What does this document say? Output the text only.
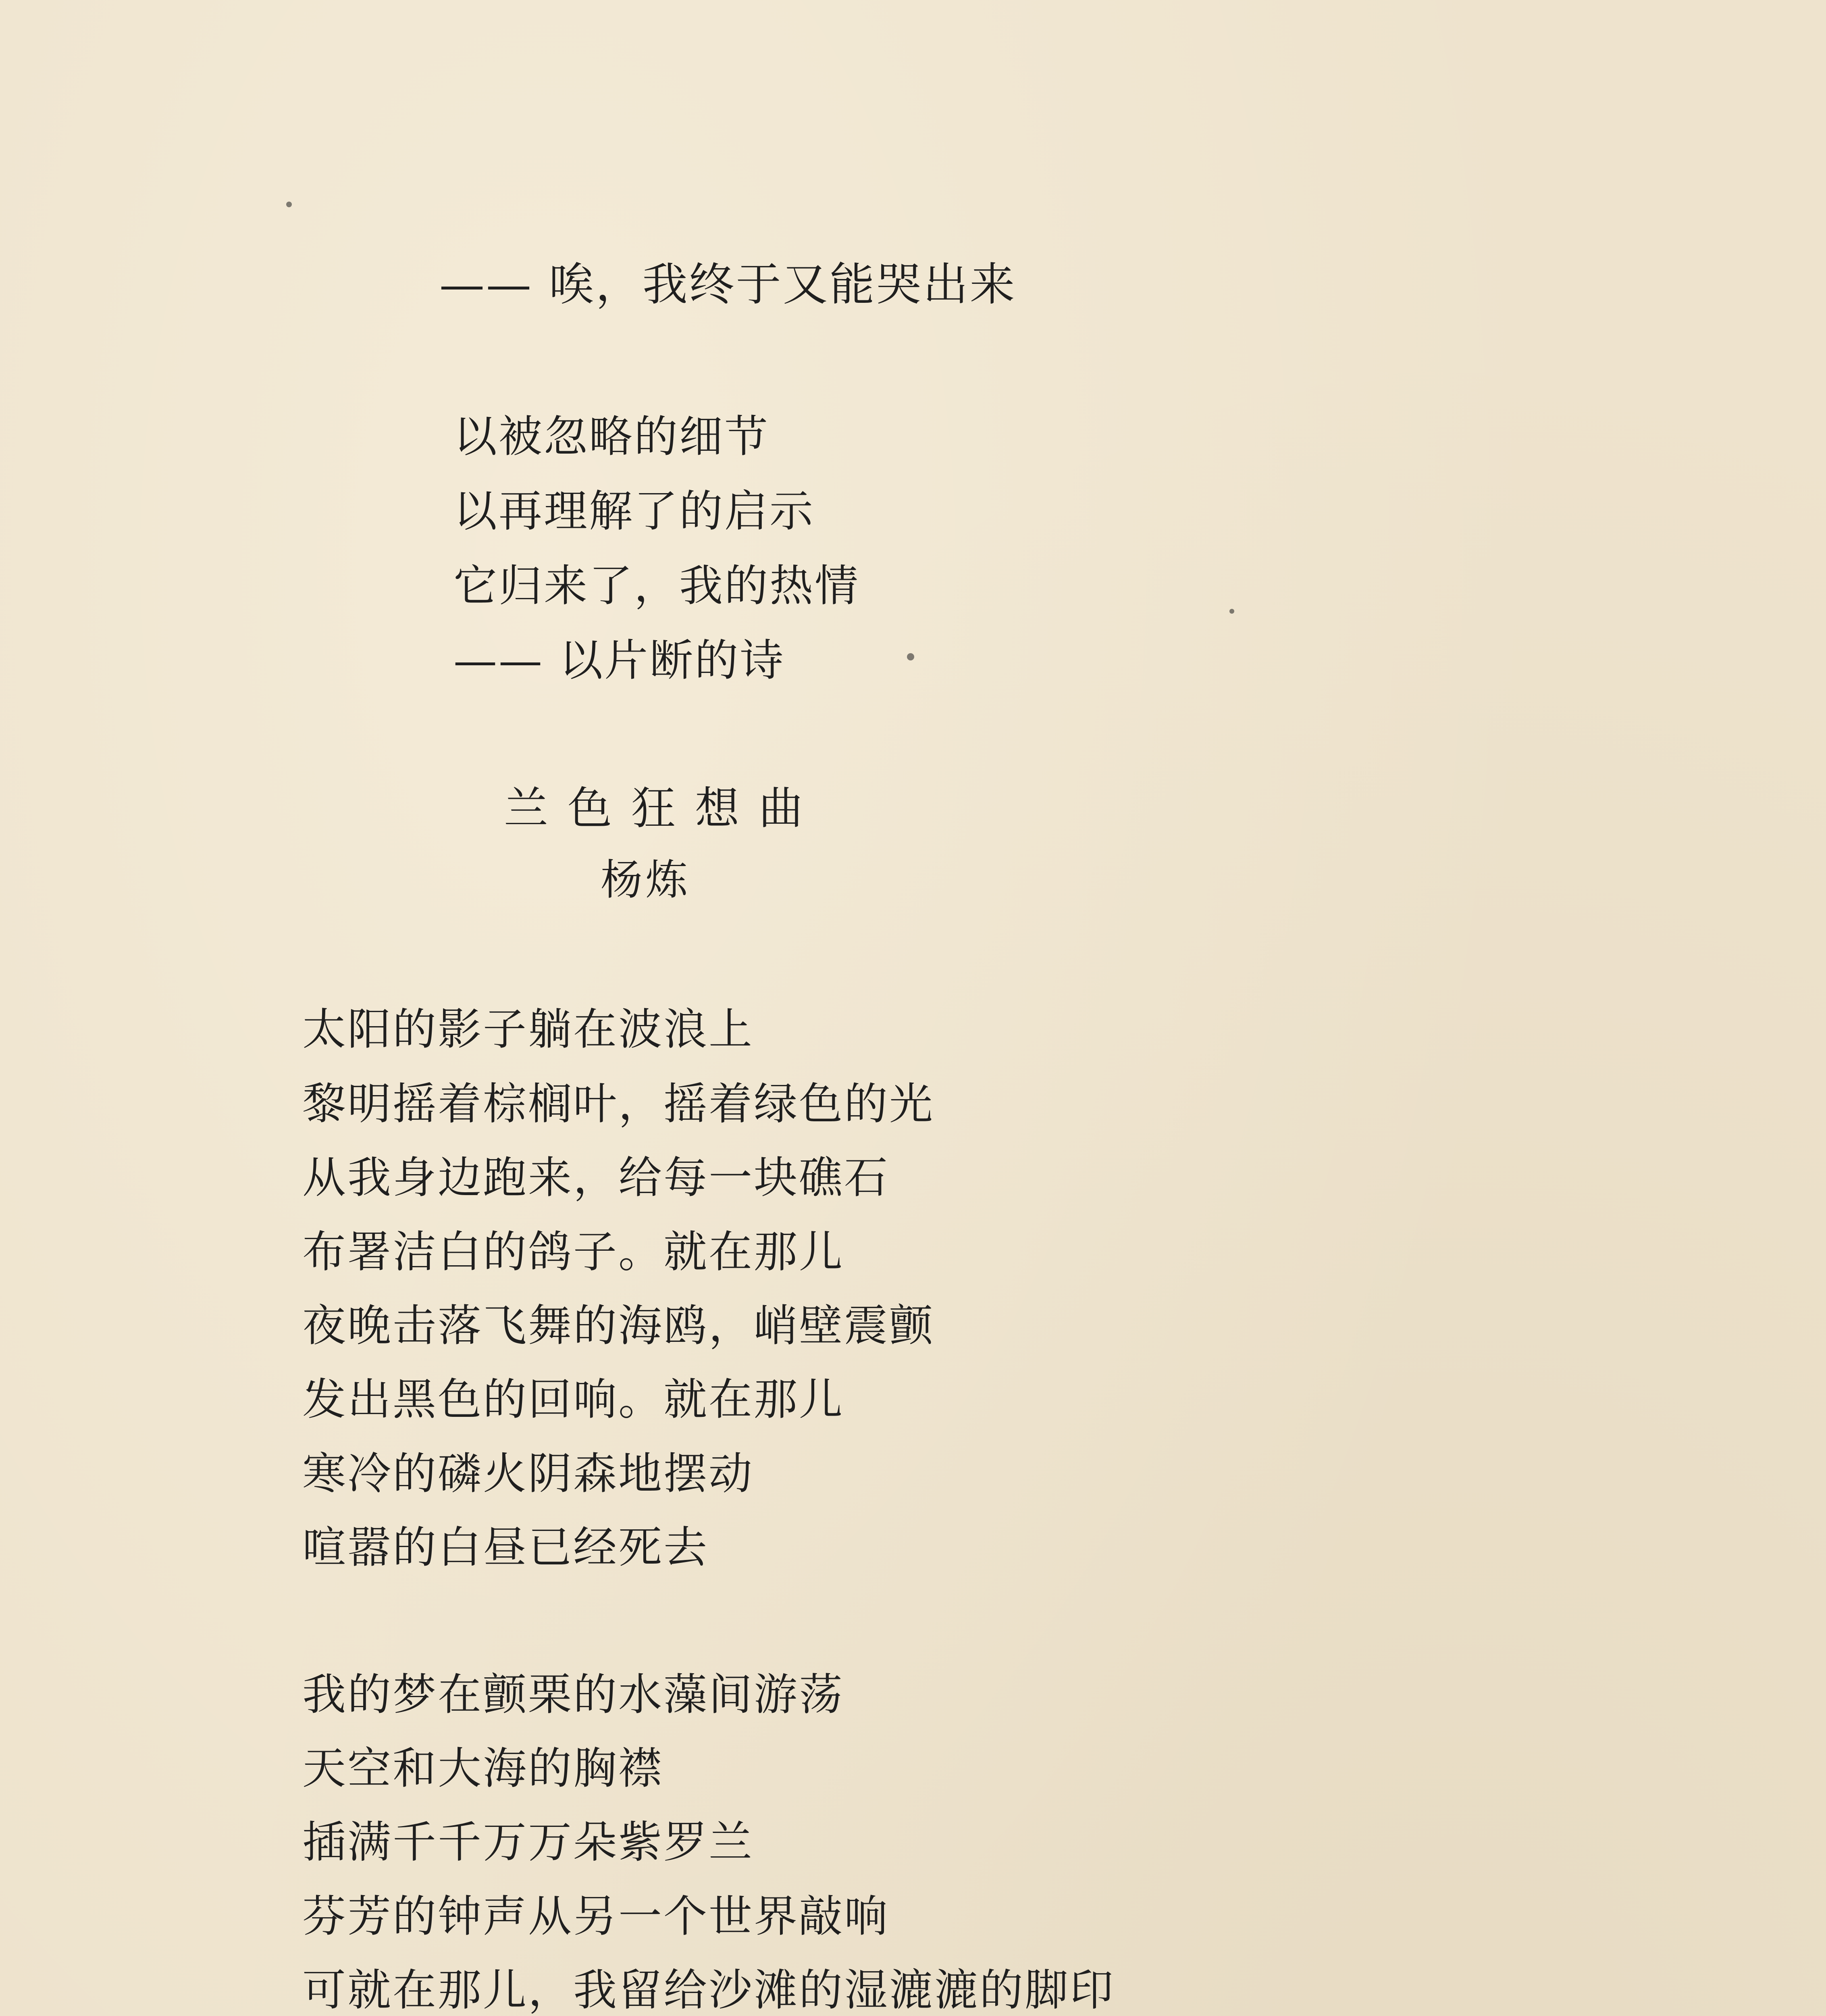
—— 唉，我终于又能哭出来
以被忽略的细节
以再理解了的启示
它归来了，我的热情
—— 以片断的诗
兰色狂想曲
杨炼
太阳的影子躺在波浪上
黎明摇着棕榈叶，摇着绿色的光
从我身边跑来，给每一块礁石
布署洁白的鸽子。就在那儿
夜晚击落飞舞的海鸥，峭壁震颤
发出黑色的回响。就在那儿
寒冷的磷火阴森地摆动
喧嚣的白昼已经死去
我的梦在颤栗的水藻间游荡
天空和大海的胸襟
插满千千万万朵紫罗兰
芬芳的钟声从另一个世界敲响
可就在那儿，我留给沙滩的湿漉漉的脚印
